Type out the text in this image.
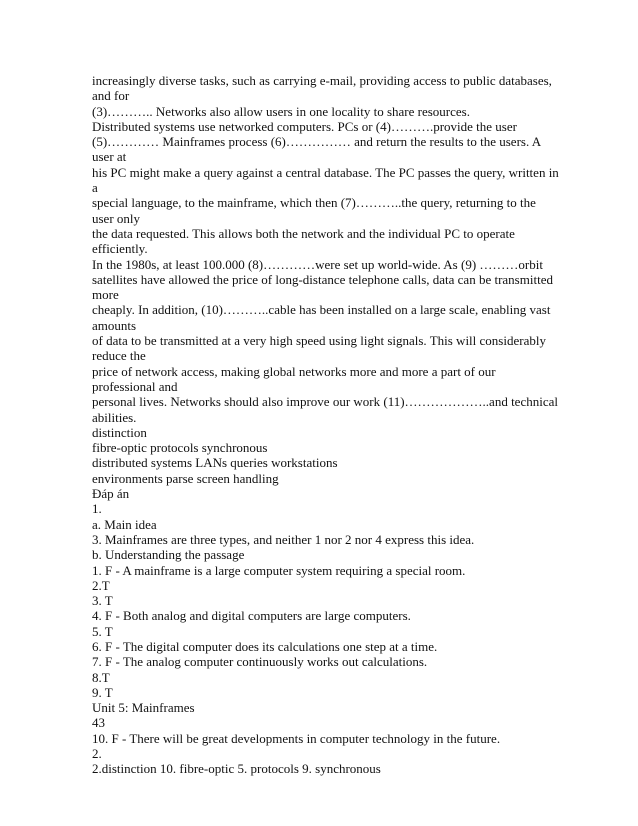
increasingly diverse tasks, such as carrying e-mail, providing access to public databases,
and for
(3)……….. Networks also allow users in one locality to share resources.
Distributed systems use networked computers. PCs or (4)……….provide the user
(5)………… Mainframes process (6)…………… and return the results to the users. A
user at
his PC might make a query against a central database. The PC passes the query, written in
a
special language, to the mainframe, which then (7)………..the query, returning to the
user only
the data requested. This allows both the network and the individual PC to operate
efficiently.
In the 1980s, at least 100.000 (8)…………were set up world-wide. As (9) ………orbit
satellites have allowed the price of long-distance telephone calls, data can be transmitted
more
cheaply. In addition, (10)………..cable has been installed on a large scale, enabling vast
amounts
of data to be transmitted at a very high speed using light signals. This will considerably
reduce the
price of network access, making global networks more and more a part of our
professional and
personal lives. Networks should also improve our work (11)………………..and technical
abilities.
distinction
fibre-optic protocols synchronous
distributed systems LANs queries workstations
environments parse screen handling
Đáp án
1.
a. Main idea
3. Mainframes are three types, and neither 1 nor 2 nor 4 express this idea.
b. Understanding the passage
1. F - A mainframe is a large computer system requiring a special room.
2.T
3. T
4. F - Both analog and digital computers are large computers.
5. T
6. F - The digital computer does its calculations one step at a time.
7. F - The analog computer continuously works out calculations.
8.T
9. T
Unit 5: Mainframes
43
10. F - There will be great developments in computer technology in the future.
2.
2.distinction 10. fibre-optic 5. protocols 9. synchronous
